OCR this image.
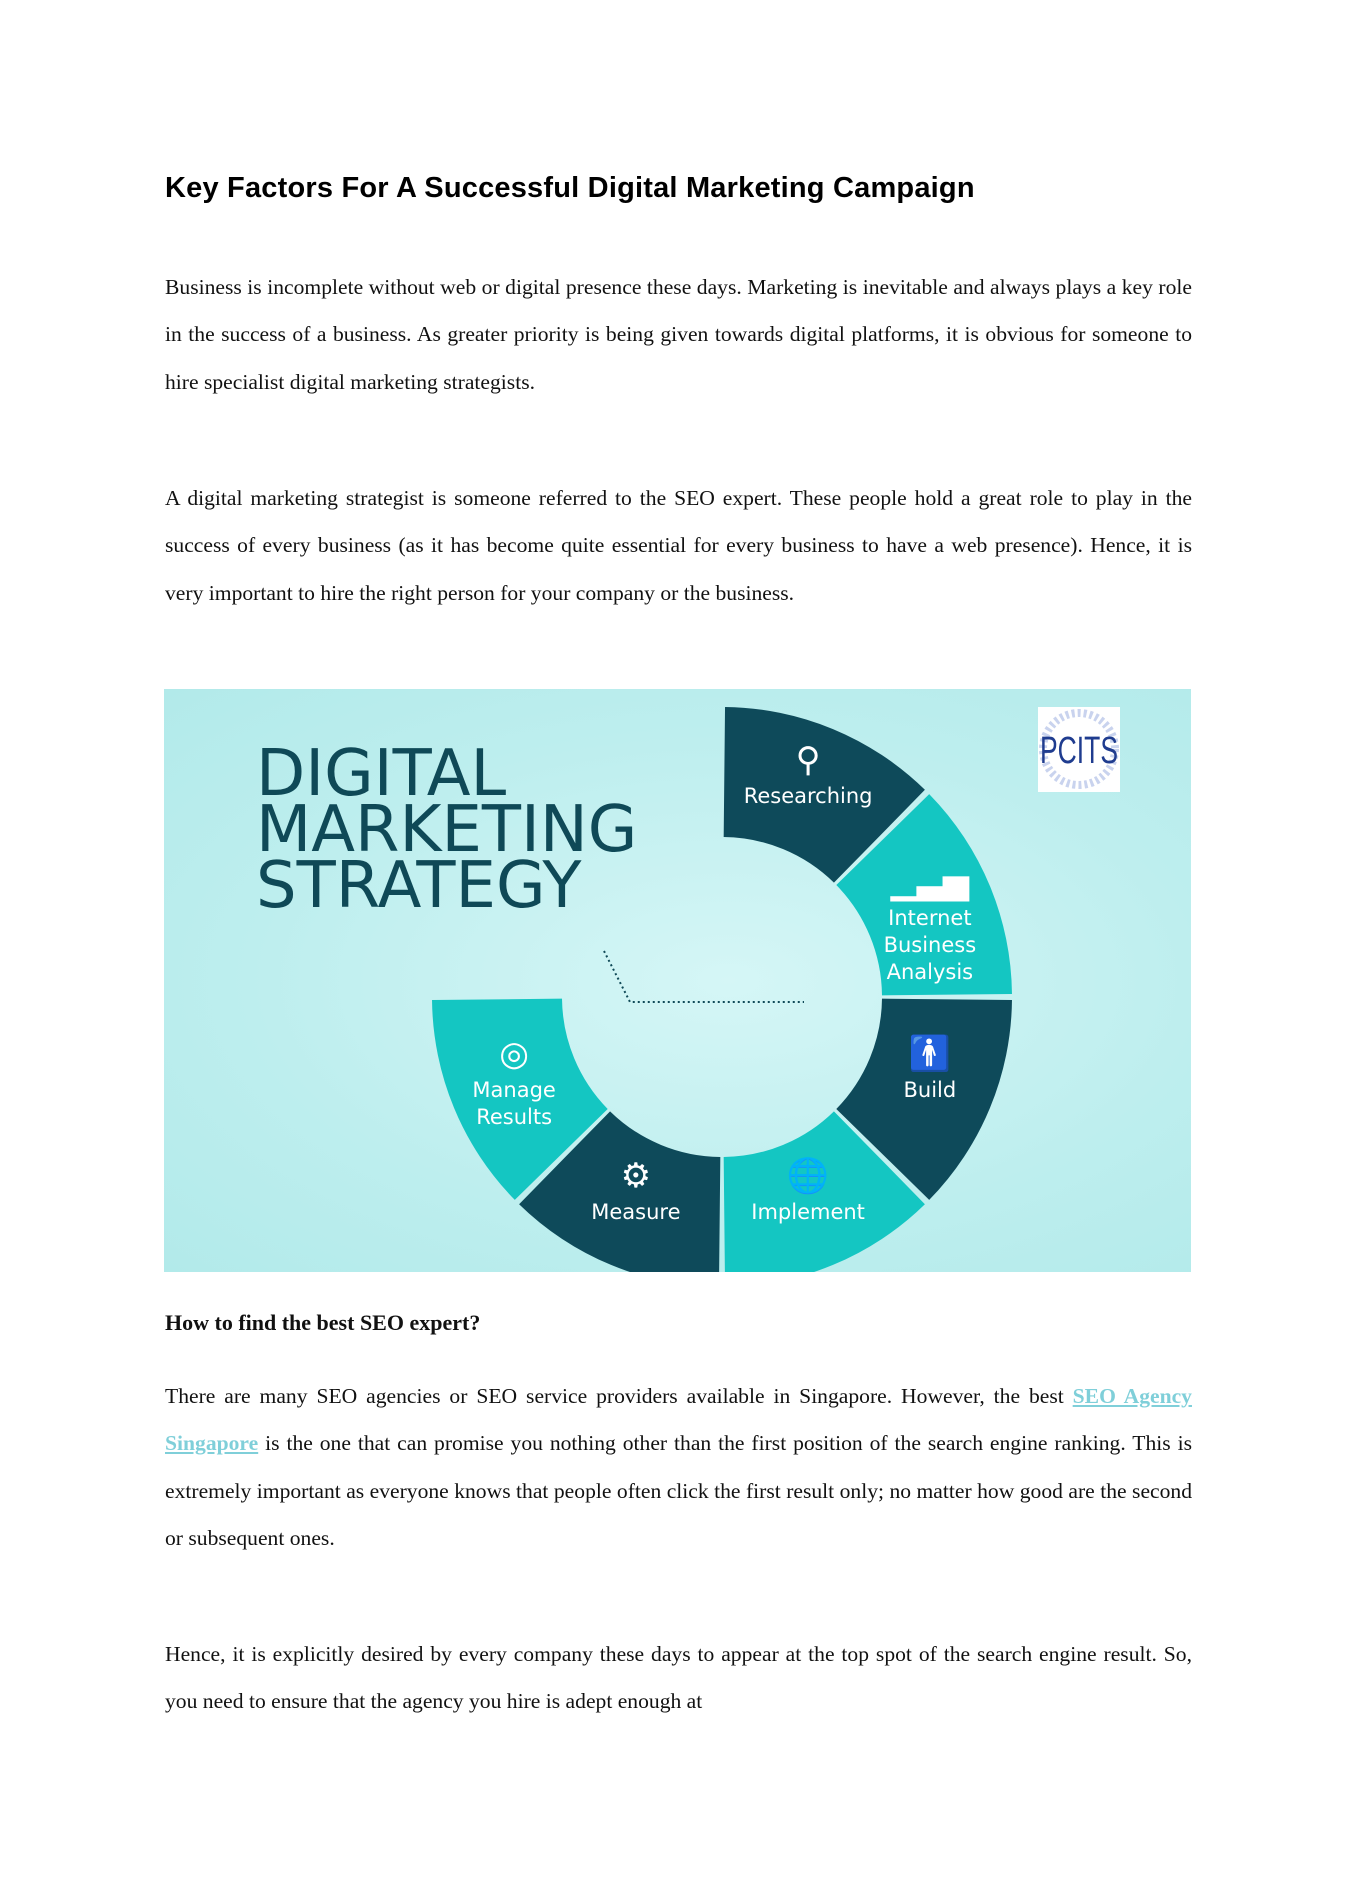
Key Factors For A Successful Digital Marketing Campaign

Business is incomplete without web or digital presence these days. Marketing is inevitable and always plays a key role in the success of a business. As greater priority is being given towards digital platforms, it is obvious for someone to hire specialist digital marketing strategists.

A digital marketing strategist is someone referred to the SEO expert. These people hold a great role to play in the success of every business (as it has become quite essential for every business to have a web presence). Hence, it is very important to hire the right person for your company or the business.

DIGITAL
MARKETING
STRATEGY
⚲
Researching
▁▃▅
Internet Business Analysis
🚹
Build
🌐
Implement
⚙
Measure
◎
Manage Results
PCITS

How to find the best SEO expert?

There are many SEO agencies or SEO service providers available in Singapore. However, the best SEO Agency Singapore is the one that can promise you nothing other than the first position of the search engine ranking. This is extremely important as everyone knows that people often click the first result only; no matter how good are the second or subsequent ones.

Hence, it is explicitly desired by every company these days to appear at the top spot of the search engine result. So, you need to ensure that the agency you hire is adept enough at
